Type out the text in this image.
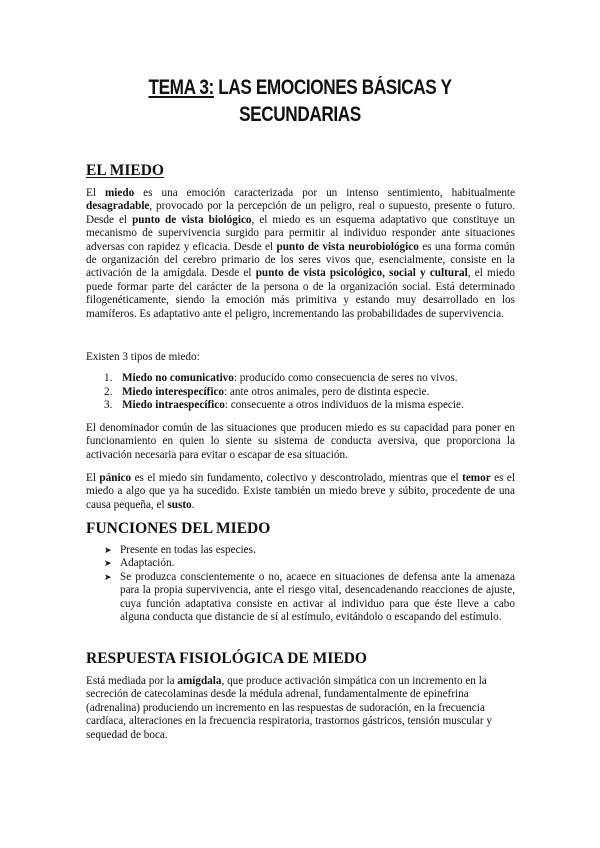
TEMA 3: LAS EMOCIONES BÁSICAS Y SECUNDARIAS
EL MIEDO

El miedo es una emoción caracterizada por un intenso sentimiento, habitualmente desagradable, provocado por la percepción de un peligro, real o supuesto, presente o futuro. Desde el punto de vista biológico, el miedo es un esquema adaptativo que constituye un mecanismo de supervivencia surgido para permitir al individuo responder ante situaciones adversas con rapidez y eficacia. Desde el punto de vista neurobiológico es una forma común de organización del cerebro primario de los seres vivos que, esencialmente, consiste en la activación de la amígdala. Desde el punto de vista psicológico, social y cultural, el miedo puede formar parte del carácter de la persona o de la organización social. Está determinado filogenéticamente, siendo la emoción más primitiva y estando muy desarrollado en los mamíferos. Es adaptativo ante el peligro, incrementando las probabilidades de supervivencia.

Existen 3 tipos de miedo:

1. Miedo no comunicativo: producido como consecuencia de seres no vivos.
2. Miedo interespecífico: ante otros animales, pero de distinta especie.
3. Miedo intraespecífico: consecuente a otros individuos de la misma especie.

El denominador común de las situaciones que producen miedo es su capacidad para poner en funcionamiento en quien lo siente su sistema de conducta aversiva, que proporciona la activación necesaria para evitar o escapar de esa situación.

El pánico es el miedo sin fundamento, colectivo y descontrolado, mientras que el temor es el miedo a algo que ya ha sucedido. Existe también un miedo breve y súbito, procedente de una causa pequeña, el susto.

FUNCIONES DEL MIEDO
➤ Presente en todas las especies.
➤ Adaptación.
➤ Se produzca conscientemente o no, acaece en situaciones de defensa ante la amenaza para la propia supervivencia, ante el riesgo vital, desencadenando reacciones de ajuste, cuya función adaptativa consiste en activar al individuo para que éste lleve a cabo alguna conducta que distancie de sí al estímulo, evitándolo o escapando del estímulo.
RESPUESTA FISIOLÓGICA DE MIEDO

Está mediada por la amígdala, que produce activación simpática con un incremento en la secreción de catecolaminas desde la médula adrenal, fundamentalmente de epinefrina (adrenalina) produciendo un incremento en las respuestas de sudoración, en la frecuencia cardíaca, alteraciones en la frecuencia respiratoria, trastornos gástricos, tensión muscular y sequedad de boca.
